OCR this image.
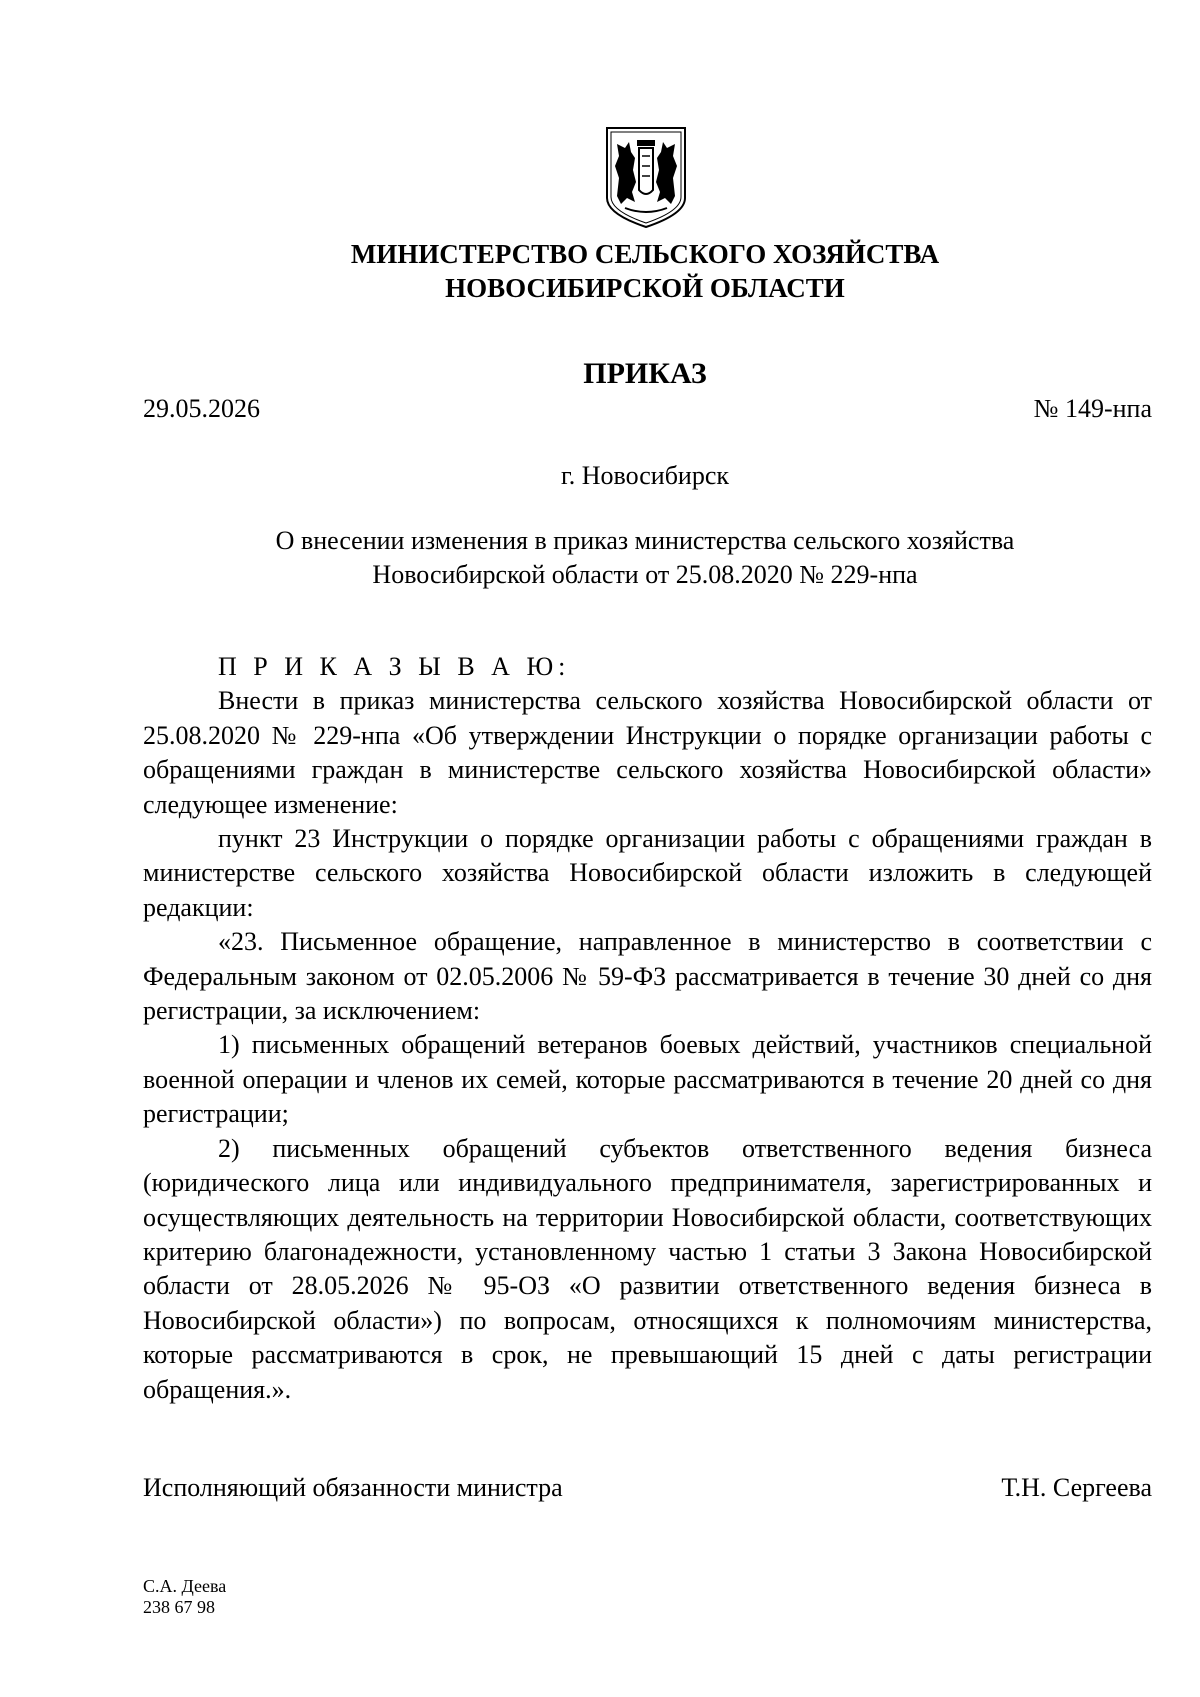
МИНИСТЕРСТВО СЕЛЬСКОГО ХОЗЯЙСТВА
НОВОСИБИРСКОЙ ОБЛАСТИ
ПРИКАЗ
29.05.2026	№ 149-нпа
г. Новосибирск
О внесении изменения в приказ министерства сельского хозяйства
Новосибирской области от 25.08.2020 № 229-нпа

П Р И К А З Ы В А Ю:

Внести в приказ министерства сельского хозяйства Новосибирской области от 25.08.2020 № 229-нпа «Об утверждении Инструкции о порядке организации работы с обращениями граждан в министерстве сельского хозяйства Новосибирской области» следующее изменение:

пункт 23 Инструкции о порядке организации работы с обращениями граждан в министерстве сельского хозяйства Новосибирской области изложить в следующей редакции:

«23. Письменное обращение, направленное в министерство в соответствии с Федеральным законом от 02.05.2006 № 59-ФЗ рассматривается в течение 30 дней со дня регистрации, за исключением:

1) письменных обращений ветеранов боевых действий, участников специальной военной операции и членов их семей, которые рассматриваются в течение 20 дней со дня регистрации;

2) письменных обращений субъектов ответственного ведения бизнеса (юридического лица или индивидуального предпринимателя, зарегистрированных и осуществляющих деятельность на территории Новосибирской области, соответствующих критерию благонадежности, установленному частью 1 статьи 3 Закона Новосибирской области от 28.05.2026 № 95-ОЗ «О развитии ответственного ведения бизнеса в Новосибирской области») по вопросам, относящихся к полномочиям министерства, которые рассматриваются в срок, не превышающий 15 дней с даты регистрации обращения.».

Исполняющий обязанности министра	Т.Н. Сергеева
С.А. Деева
238 67 98
